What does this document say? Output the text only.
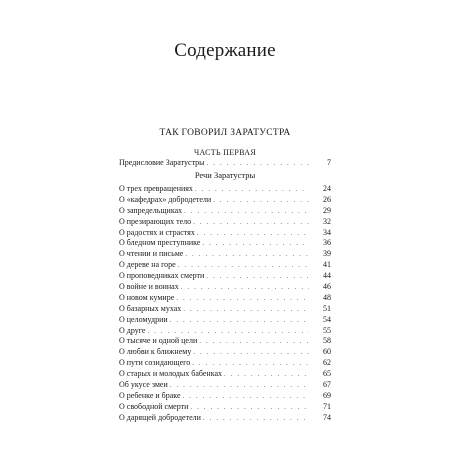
Содержание
ТАК ГОВОРИЛ ЗАРАТУСТРА
ЧАСТЬ ПЕРВАЯ
Предисловие Заратустры . . .	7
Речи Заратустры
О трех превращениях . . .	24
О «кафедрах» добродетели . . .	26
О запредельщиках . . .	29
О презирающих тело . . .	32
О радостях и страстях . . .	34
О бледном преступнике . . .	36
О чтении и письме . . .	39
О дереве на горе . . .	41
О проповедниках смерти . . .	44
О войне и воинах . . .	46
О новом кумире . . .	48
О базарных мухах . . .	51
О целомудрии . . .	54
О друге . . .	55
О тысяче и одной цели . . .	58
О любви к ближнему . . .	60
О пути созидающего . . .	62
О старых и молодых бабенках . . .	65
Об укусе змеи . . .	67
О ребенке и браке . . .	69
О свободной смерти . . .	71
О дарящей добродетели . . .	74
